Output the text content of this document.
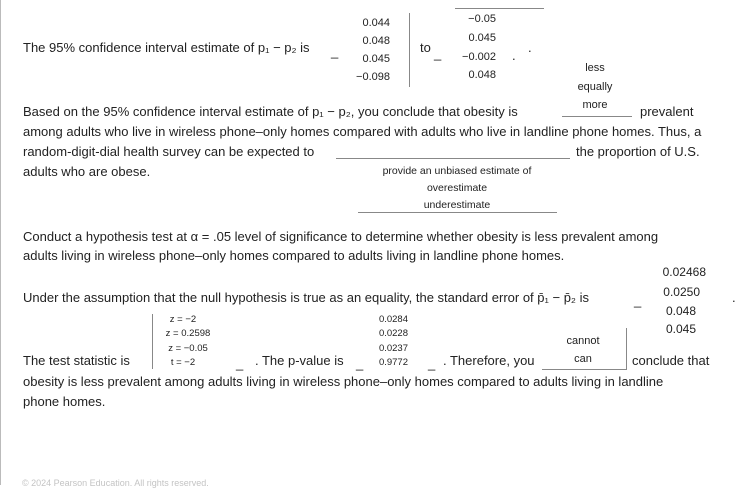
The 95% confidence interval estimate of p₁ − p₂ is _
0.044
0.048
0.045
−0.098
to _
−0.05
0.045
−0.002
0.048
.
.
less
equally
more
Based on the 95% confidence interval estimate of p₁ − p₂, you conclude that obesity is	prevalent
among adults who live in wireless phone–only homes compared with adults who live in landline phone homes. Thus, a
random-digit-dial health survey can be expected to	the proportion of U.S.
adults who are obese.	provide an unbiased estimate of
overestimate
underestimate
Conduct a hypothesis test at α = .05 level of significance to determine whether obesity is less prevalent among
adults living in wireless phone–only homes compared to adults living in landline phone homes.
Under the assumption that the null hypothesis is true as an equality, the standard error of p̄₁ − p̄₂ is	_
0.02468
0.0250
0.048
0.045
.
The test statistic is
z = −2
z = 0.2598
z = −0.05
t = −2	_ . The p-value is _
0.0284
0.0228
0.0237
0.9772 _ . Therefore, you
cannot
can	conclude that
obesity is less prevalent among adults living in wireless phone–only homes compared to adults living in landline
phone homes.
© 2024 Pearson Education. All rights reserved.
